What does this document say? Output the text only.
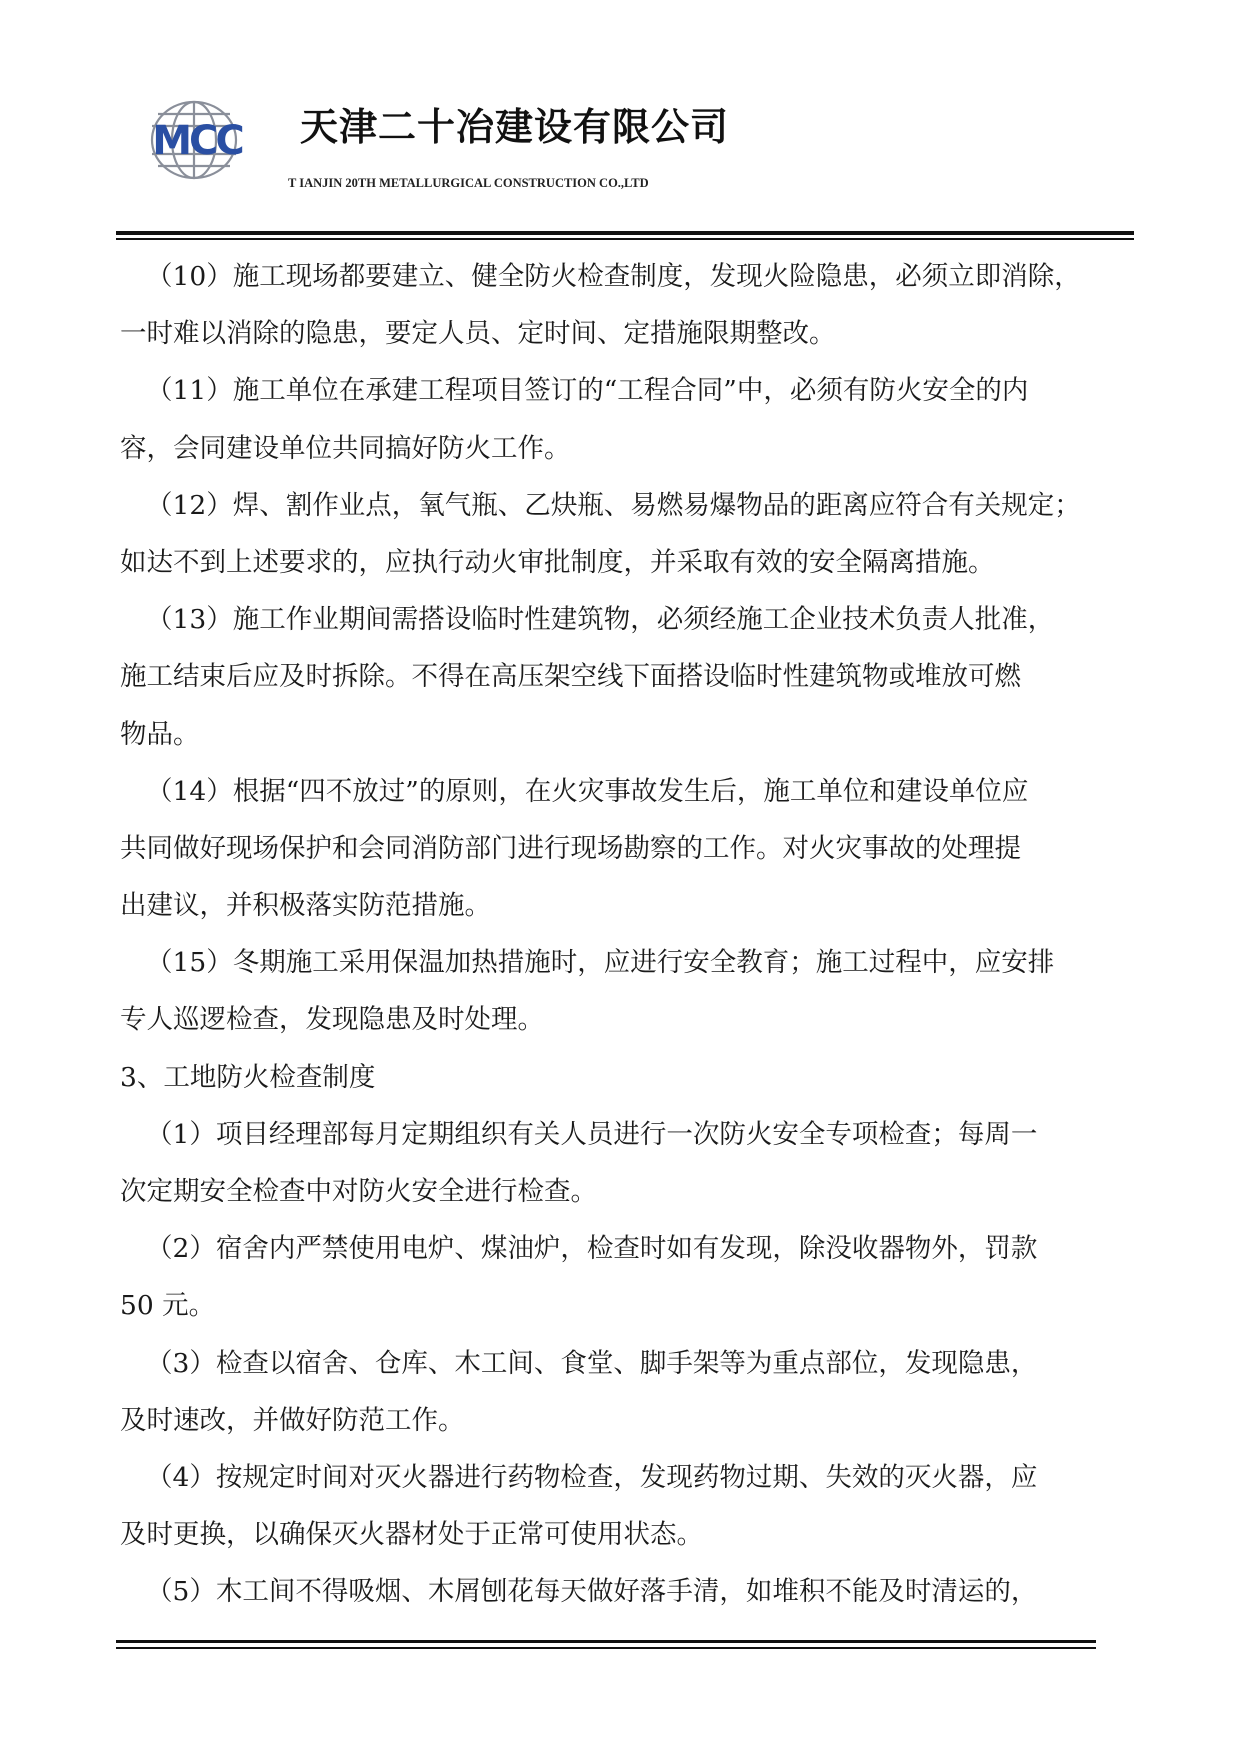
MCC 天津二十冶建设有限公司
T IANJIN 20TH METALLURGICAL CONSTRUCTION CO.,LTD
（10）施工现场都要建立、健全防火检查制度，发现火险隐患，必须立即消除，
一时难以消除的隐患，要定人员、定时间、定措施限期整改。
（11）施工单位在承建工程项目签订的“工程合同”中，必须有防火安全的内
容，会同建设单位共同搞好防火工作。
（12）焊、割作业点，氧气瓶、乙炔瓶、易燃易爆物品的距离应符合有关规定；
如达不到上述要求的，应执行动火审批制度，并采取有效的安全隔离措施。
（13）施工作业期间需搭设临时性建筑物，必须经施工企业技术负责人批准，
施工结束后应及时拆除。不得在高压架空线下面搭设临时性建筑物或堆放可燃
物品。
（14）根据“四不放过”的原则，在火灾事故发生后，施工单位和建设单位应
共同做好现场保护和会同消防部门进行现场勘察的工作。对火灾事故的处理提
出建议，并积极落实防范措施。
（15）冬期施工采用保温加热措施时，应进行安全教育；施工过程中，应安排
专人巡逻检查，发现隐患及时处理。
3、工地防火检查制度
（1）项目经理部每月定期组织有关人员进行一次防火安全专项检查；每周一
次定期安全检查中对防火安全进行检查。
（2）宿舍内严禁使用电炉、煤油炉，检查时如有发现，除没收器物外，罚款
50 元。
（3）检查以宿舍、仓库、木工间、食堂、脚手架等为重点部位，发现隐患，
及时速改，并做好防范工作。
（4）按规定时间对灭火器进行药物检查，发现药物过期、失效的灭火器，应
及时更换，以确保灭火器材处于正常可使用状态。
（5）木工间不得吸烟、木屑刨花每天做好落手清，如堆积不能及时清运的，
